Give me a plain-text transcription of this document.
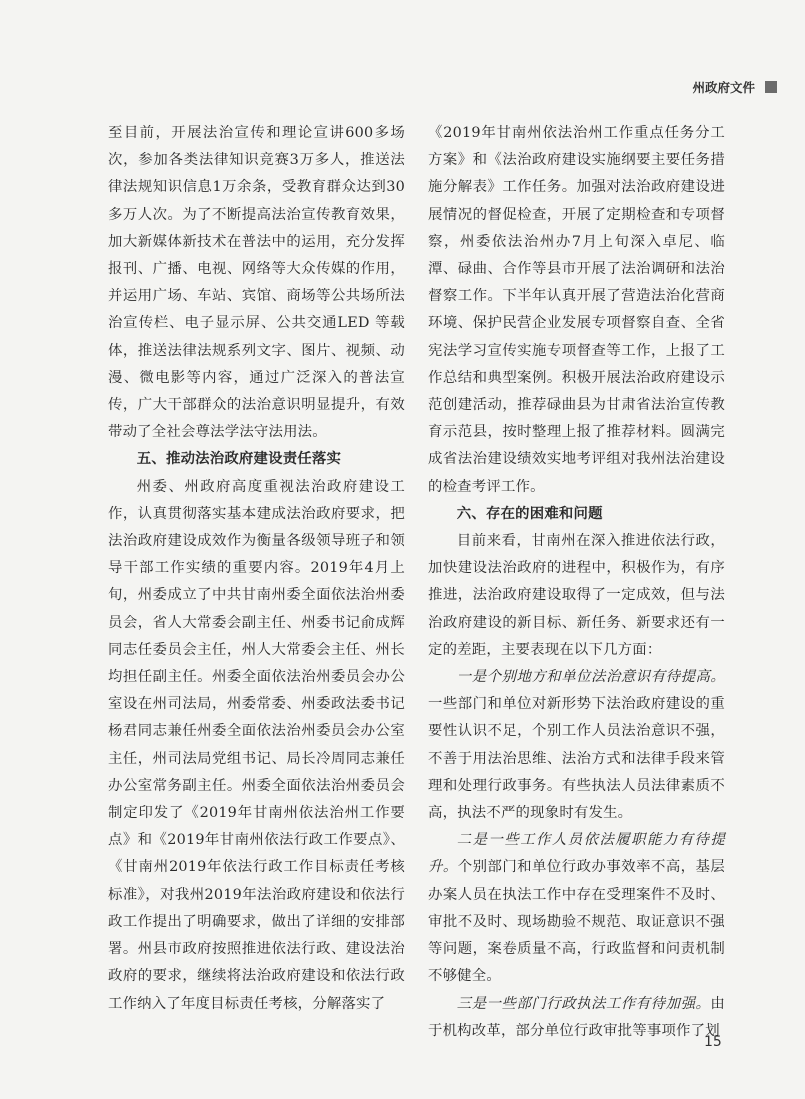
州政府文件

至目前，开展法治宣传和理论宣讲600多场次，参加各类法律知识竞赛3万多人，推送法律法规知识信息1万余条，受教育群众达到30多万人次。为了不断提高法治宣传教育效果，加大新媒体新技术在普法中的运用，充分发挥报刊、广播、电视、网络等大众传媒的作用，并运用广场、车站、宾馆、商场等公共场所法治宣传栏、电子显示屏、公共交通LED 等载体，推送法律法规系列文字、图片、视频、动漫、微电影等内容，通过广泛深入的普法宣传，广大干部群众的法治意识明显提升，有效带动了全社会尊法学法守法用法。

五、推动法治政府建设责任落实

州委、州政府高度重视法治政府建设工作，认真贯彻落实基本建成法治政府要求，把法治政府建设成效作为衡量各级领导班子和领导干部工作实绩的重要内容。2019年4月上旬，州委成立了中共甘南州委全面依法治州委员会，省人大常委会副主任、州委书记俞成辉同志任委员会主任，州人大常委会主任、州长均担任副主任。州委全面依法治州委员会办公室设在州司法局，州委常委、州委政法委书记杨君同志兼任州委全面依法治州委员会办公室主任，州司法局党组书记、局长冷周同志兼任办公室常务副主任。州委全面依法治州委员会制定印发了《2019年甘南州依法治州工作要点》和《2019年甘南州依法行政工作要点》、《甘南州2019年依法行政工作目标责任考核标准》，对我州2019年法治政府建设和依法行政工作提出了明确要求，做出了详细的安排部署。州县市政府按照推进依法行政、建设法治政府的要求，继续将法治政府建设和依法行政工作纳入了年度目标责任考核，分解落实了

《2019年甘南州依法治州工作重点任务分工方案》和《法治政府建设实施纲要主要任务措施分解表》工作任务。加强对法治政府建设进展情况的督促检查，开展了定期检查和专项督察，州委依法治州办7月上旬深入卓尼、临潭、碌曲、合作等县市开展了法治调研和法治督察工作。下半年认真开展了营造法治化营商环境、保护民营企业发展专项督察自查、全省宪法学习宣传实施专项督查等工作，上报了工作总结和典型案例。积极开展法治政府建设示范创建活动，推荐碌曲县为甘肃省法治宣传教育示范县，按时整理上报了推荐材料。圆满完成省法治建设绩效实地考评组对我州法治建设的检查考评工作。

六、存在的困难和问题

目前来看，甘南州在深入推进依法行政，加快建设法治政府的进程中，积极作为，有序推进，法治政府建设取得了一定成效，但与法治政府建设的新目标、新任务、新要求还有一定的差距，主要表现在以下几方面：

一是个别地方和单位法治意识有待提高。一些部门和单位对新形势下法治政府建设的重要性认识不足，个别工作人员法治意识不强，不善于用法治思维、法治方式和法律手段来管理和处理行政事务。有些执法人员法律素质不高，执法不严的现象时有发生。

二是一些工作人员依法履职能力有待提升。个别部门和单位行政办事效率不高，基层办案人员在执法工作中存在受理案件不及时、审批不及时、现场勘验不规范、取证意识不强等问题，案卷质量不高，行政监督和问责机制不够健全。

三是一些部门行政执法工作有待加强。由于机构改革，部分单位行政审批等事项作了划

15
